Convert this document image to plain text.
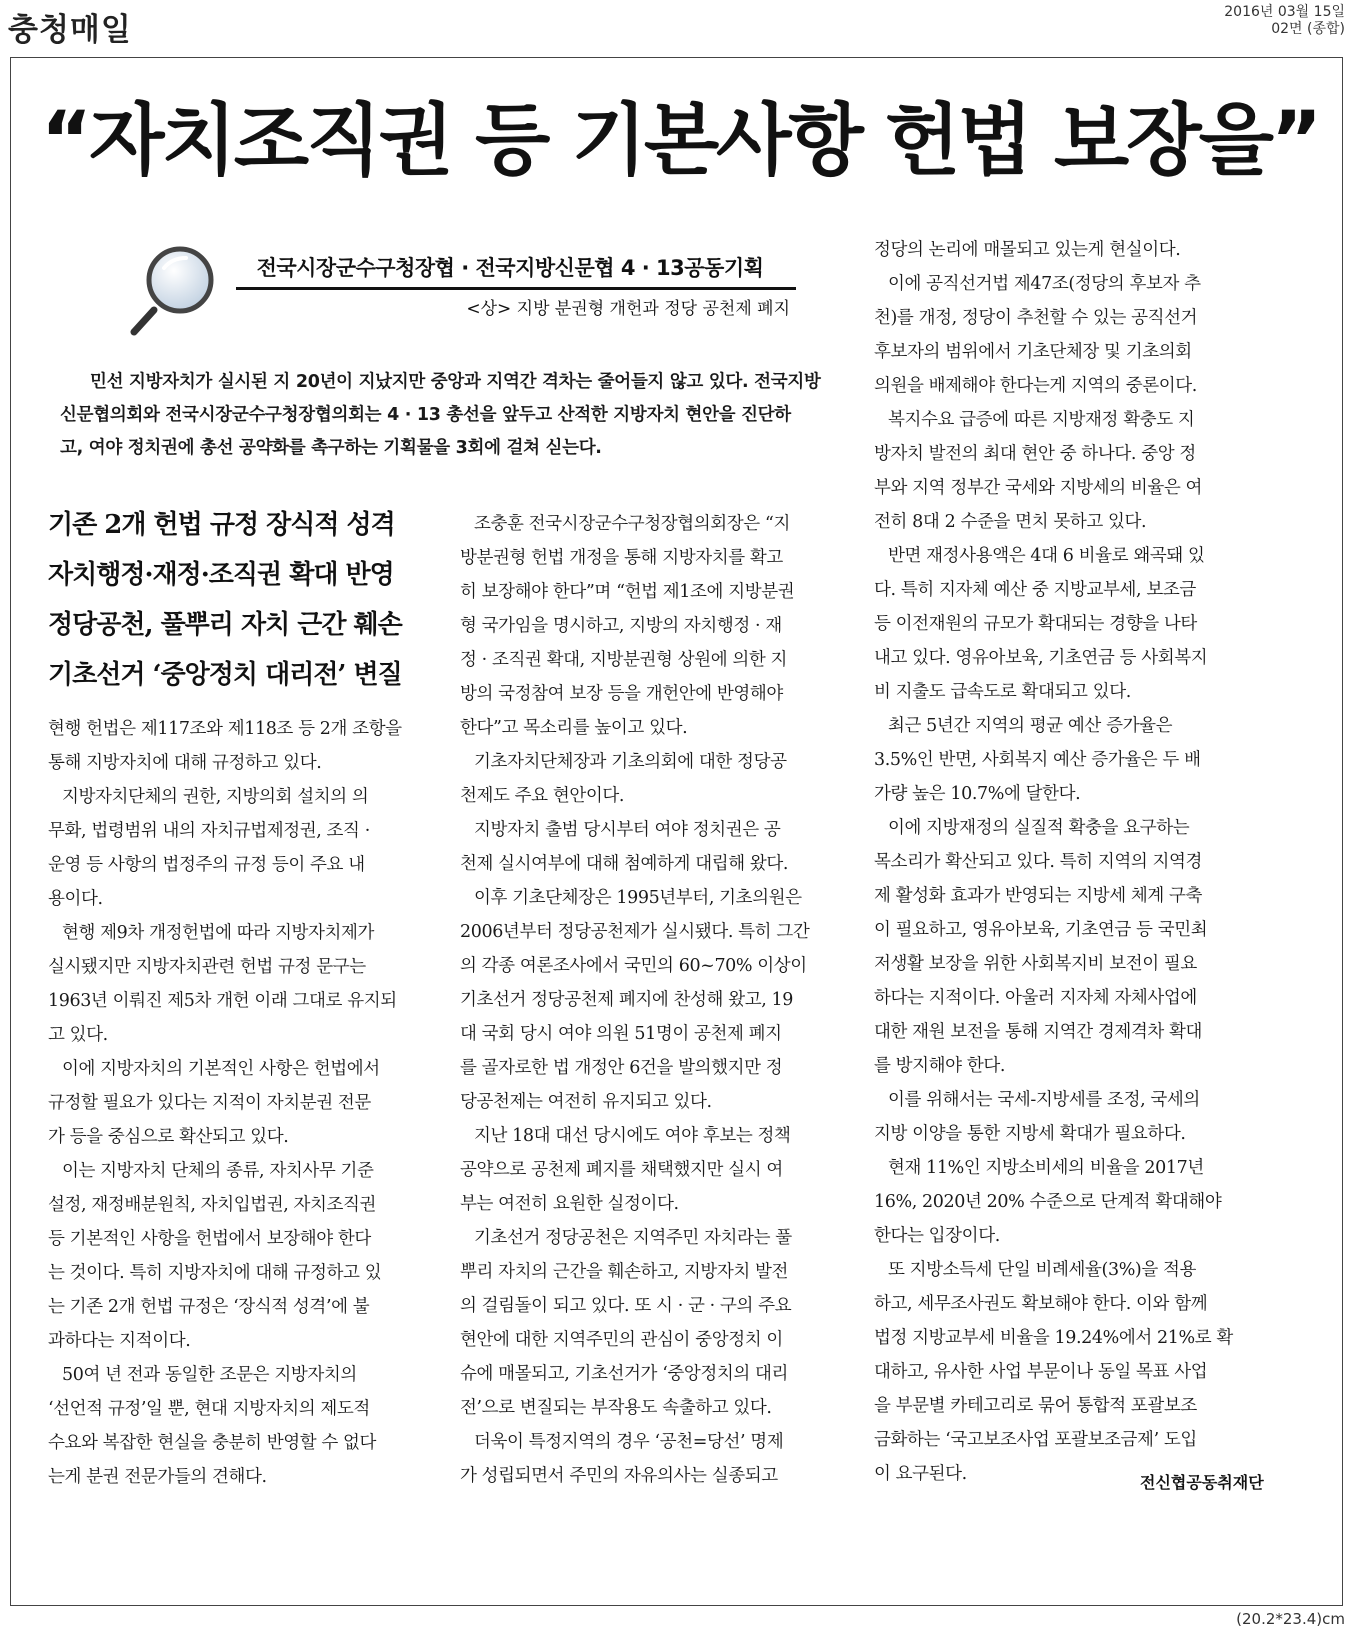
충청매일	2016년 03월 15일
02면 (종합)
“자치조직권 등 기본사항 헌법 보장을”
전국시장군수구청장협 · 전국지방신문협 4 · 13공동기획
<상> 지방 분권형 개헌과 정당 공천제 폐지
민선 지방자치가 실시된 지 20년이 지났지만 중앙과 지역간 격차는 줄어들지 않고 있다. 전국지방
신문협의회와 전국시장군수구청장협의회는 4 · 13 총선을 앞두고 산적한 지방자치 현안을 진단하
고, 여야 정치권에 총선 공약화를 촉구하는 기획물을 3회에 걸쳐 싣는다.
기존 2개 헌법 규정 장식적 성격
자치행정·재정·조직권 확대 반영
정당공천, 풀뿌리 자치 근간 훼손
기초선거 ‘중앙정치 대리전’ 변질
현행 헌법은 제117조와 제118조 등 2개 조항을
통해 지방자치에 대해 규정하고 있다.
지방자치단체의 권한, 지방의회 설치의 의
무화, 법령범위 내의 자치규법제정권, 조직 ·
운영 등 사항의 법정주의 규정 등이 주요 내
용이다.
현행 제9차 개정헌법에 따라 지방자치제가
실시됐지만 지방자치관련 헌법 규정 문구는
1963년 이뤄진 제5차 개헌 이래 그대로 유지되
고 있다.
이에 지방자치의 기본적인 사항은 헌법에서
규정할 필요가 있다는 지적이 자치분권 전문
가 등을 중심으로 확산되고 있다.
이는 지방자치 단체의 종류, 자치사무 기준
설정, 재정배분원칙, 자치입법권, 자치조직권
등 기본적인 사항을 헌법에서 보장해야 한다
는 것이다. 특히 지방자치에 대해 규정하고 있
는 기존 2개 헌법 규정은 ‘장식적 성격’에 불
과하다는 지적이다.
50여 년 전과 동일한 조문은 지방자치의
‘선언적 규정’일 뿐, 현대 지방자치의 제도적
수요와 복잡한 현실을 충분히 반영할 수 없다
는게 분권 전문가들의 견해다.
조충훈 전국시장군수구청장협의회장은 “지
방분권형 헌법 개정을 통해 지방자치를 확고
히 보장해야 한다”며 “헌법 제1조에 지방분권
형 국가임을 명시하고, 지방의 자치행정 · 재
정 · 조직권 확대, 지방분권형 상원에 의한 지
방의 국정참여 보장 등을 개헌안에 반영해야
한다”고 목소리를 높이고 있다.
기초자치단체장과 기초의회에 대한 정당공
천제도 주요 현안이다.
지방자치 출범 당시부터 여야 정치권은 공
천제 실시여부에 대해 첨예하게 대립해 왔다.
이후 기초단체장은 1995년부터, 기초의원은
2006년부터 정당공천제가 실시됐다. 특히 그간
의 각종 여론조사에서 국민의 60~70% 이상이
기초선거 정당공천제 폐지에 찬성해 왔고, 19
대 국회 당시 여야 의원 51명이 공천제 폐지
를 골자로한 법 개정안 6건을 발의했지만 정
당공천제는 여전히 유지되고 있다.
지난 18대 대선 당시에도 여야 후보는 정책
공약으로 공천제 폐지를 채택했지만 실시 여
부는 여전히 요원한 실정이다.
기초선거 정당공천은 지역주민 자치라는 풀
뿌리 자치의 근간을 훼손하고, 지방자치 발전
의 걸림돌이 되고 있다. 또 시 · 군 · 구의 주요
현안에 대한 지역주민의 관심이 중앙정치 이
슈에 매몰되고, 기초선거가 ‘중앙정치의 대리
전’으로 변질되는 부작용도 속출하고 있다.
더욱이 특정지역의 경우 ‘공천=당선’ 명제
가 성립되면서 주민의 자유의사는 실종되고
정당의 논리에 매몰되고 있는게 현실이다.
이에 공직선거법 제47조(정당의 후보자 추
천)를 개정, 정당이 추천할 수 있는 공직선거
후보자의 범위에서 기초단체장 및 기초의회
의원을 배제해야 한다는게 지역의 중론이다.
복지수요 급증에 따른 지방재정 확충도 지
방자치 발전의 최대 현안 중 하나다. 중앙 정
부와 지역 정부간 국세와 지방세의 비율은 여
전히 8대 2 수준을 면치 못하고 있다.
반면 재정사용액은 4대 6 비율로 왜곡돼 있
다. 특히 지자체 예산 중 지방교부세, 보조금
등 이전재원의 규모가 확대되는 경향을 나타
내고 있다. 영유아보육, 기초연금 등 사회복지
비 지출도 급속도로 확대되고 있다.
최근 5년간 지역의 평균 예산 증가율은
3.5%인 반면, 사회복지 예산 증가율은 두 배
가량 높은 10.7%에 달한다.
이에 지방재정의 실질적 확충을 요구하는
목소리가 확산되고 있다. 특히 지역의 지역경
제 활성화 효과가 반영되는 지방세 체계 구축
이 필요하고, 영유아보육, 기초연금 등 국민최
저생활 보장을 위한 사회복지비 보전이 필요
하다는 지적이다. 아울러 지자체 자체사업에
대한 재원 보전을 통해 지역간 경제격차 확대
를 방지해야 한다.
이를 위해서는 국세-지방세를 조정, 국세의
지방 이양을 통한 지방세 확대가 필요하다.
현재 11%인 지방소비세의 비율을 2017년
16%, 2020년 20% 수준으로 단계적 확대해야
한다는 입장이다.
또 지방소득세 단일 비례세율(3%)을 적용
하고, 세무조사권도 확보해야 한다. 이와 함께
법정 지방교부세 비율을 19.24%에서 21%로 확
대하고, 유사한 사업 부문이나 동일 목표 사업
을 부문별 카테고리로 묶어 통합적 포괄보조
금화하는 ‘국고보조사업 포괄보조금제’ 도입
이 요구된다.	전신협공동취재단
(20.2*23.4)cm
